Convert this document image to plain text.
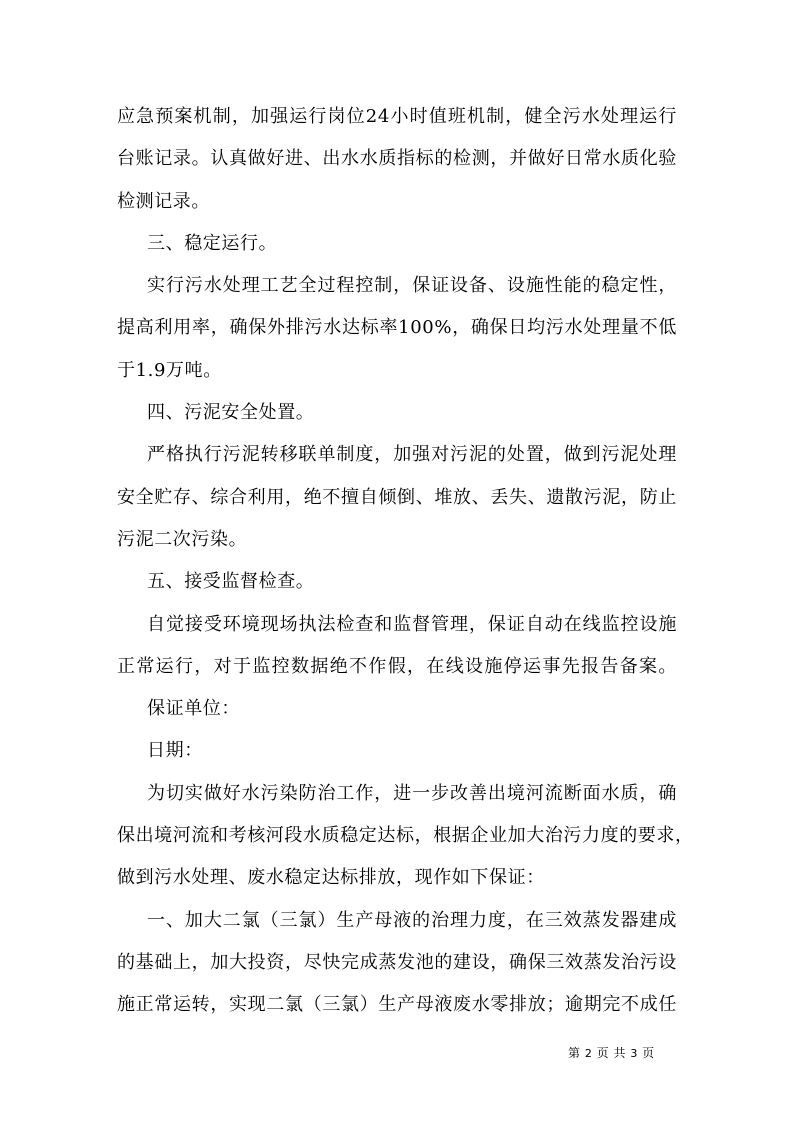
应急预案机制，加强运行岗位24小时值班机制，健全污水处理运行
台账记录。认真做好进、出水水质指标的检测，并做好日常水质化验
检测记录。
三、稳定运行。
实行污水处理工艺全过程控制，保证设备、设施性能的稳定性，
提高利用率，确保外排污水达标率100%，确保日均污水处理量不低
于1.9万吨。
四、污泥安全处置。
严格执行污泥转移联单制度，加强对污泥的处置，做到污泥处理
安全贮存、综合利用，绝不擅自倾倒、堆放、丢失、遗散污泥，防止
污泥二次污染。
五、接受监督检查。
自觉接受环境现场执法检查和监督管理，保证自动在线监控设施
正常运行，对于监控数据绝不作假，在线设施停运事先报告备案。
保证单位：
日期：
为切实做好水污染防治工作，进一步改善出境河流断面水质，确
保出境河流和考核河段水质稳定达标，根据企业加大治污力度的要求，
做到污水处理、废水稳定达标排放，现作如下保证：
一、加大二氯（三氯）生产母液的治理力度，在三效蒸发器建成
的基础上，加大投资，尽快完成蒸发池的建设，确保三效蒸发治污设
施正常运转，实现二氯（三氯）生产母液废水零排放；逾期完不成任
第 2 页 共 3 页
